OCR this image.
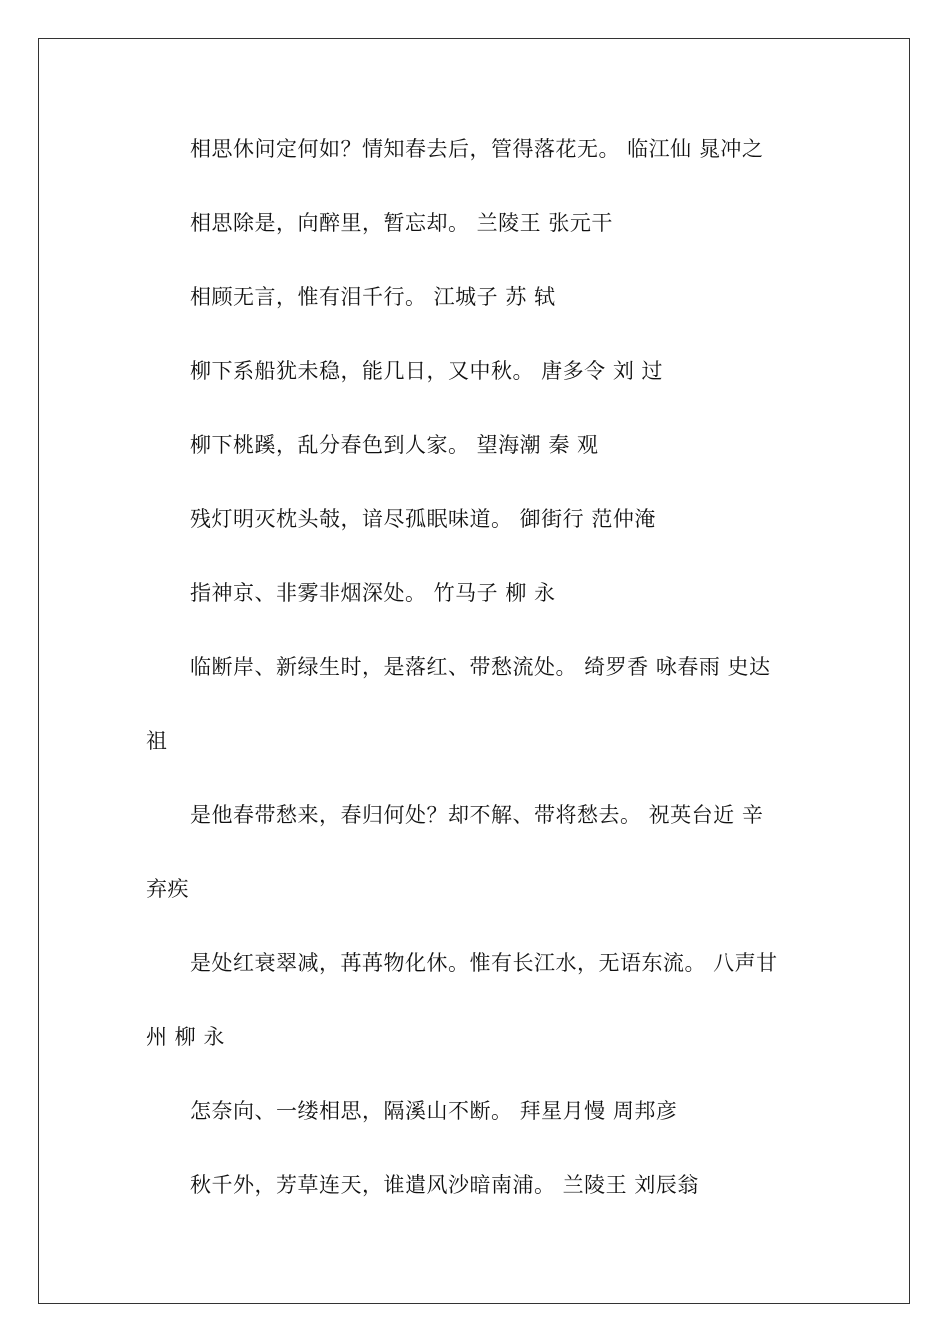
相思休问定何如？情知春去后，管得落花无。 临江仙 晁冲之
相思除是，向醉里，暂忘却。 兰陵王 张元干
相顾无言，惟有泪千行。 江城子 苏 轼
柳下系船犹未稳，能几日，又中秋。 唐多令 刘 过
柳下桃蹊，乱分春色到人家。 望海潮 秦 观
残灯明灭枕头攲，谙尽孤眠味道。 御街行 范仲淹
指神京、非雾非烟深处。 竹马子 柳 永
临断岸、新绿生时，是落红、带愁流处。 绮罗香 咏春雨 史达
祖
是他春带愁来，春归何处？却不解、带将愁去。 祝英台近 辛
弃疾
是处红衰翠减，苒苒物化休。惟有长江水，无语东流。 八声甘
州 柳 永
怎奈向、一缕相思，隔溪山不断。 拜星月慢 周邦彦
秋千外，芳草连天，谁遣风沙暗南浦。 兰陵王 刘辰翁
